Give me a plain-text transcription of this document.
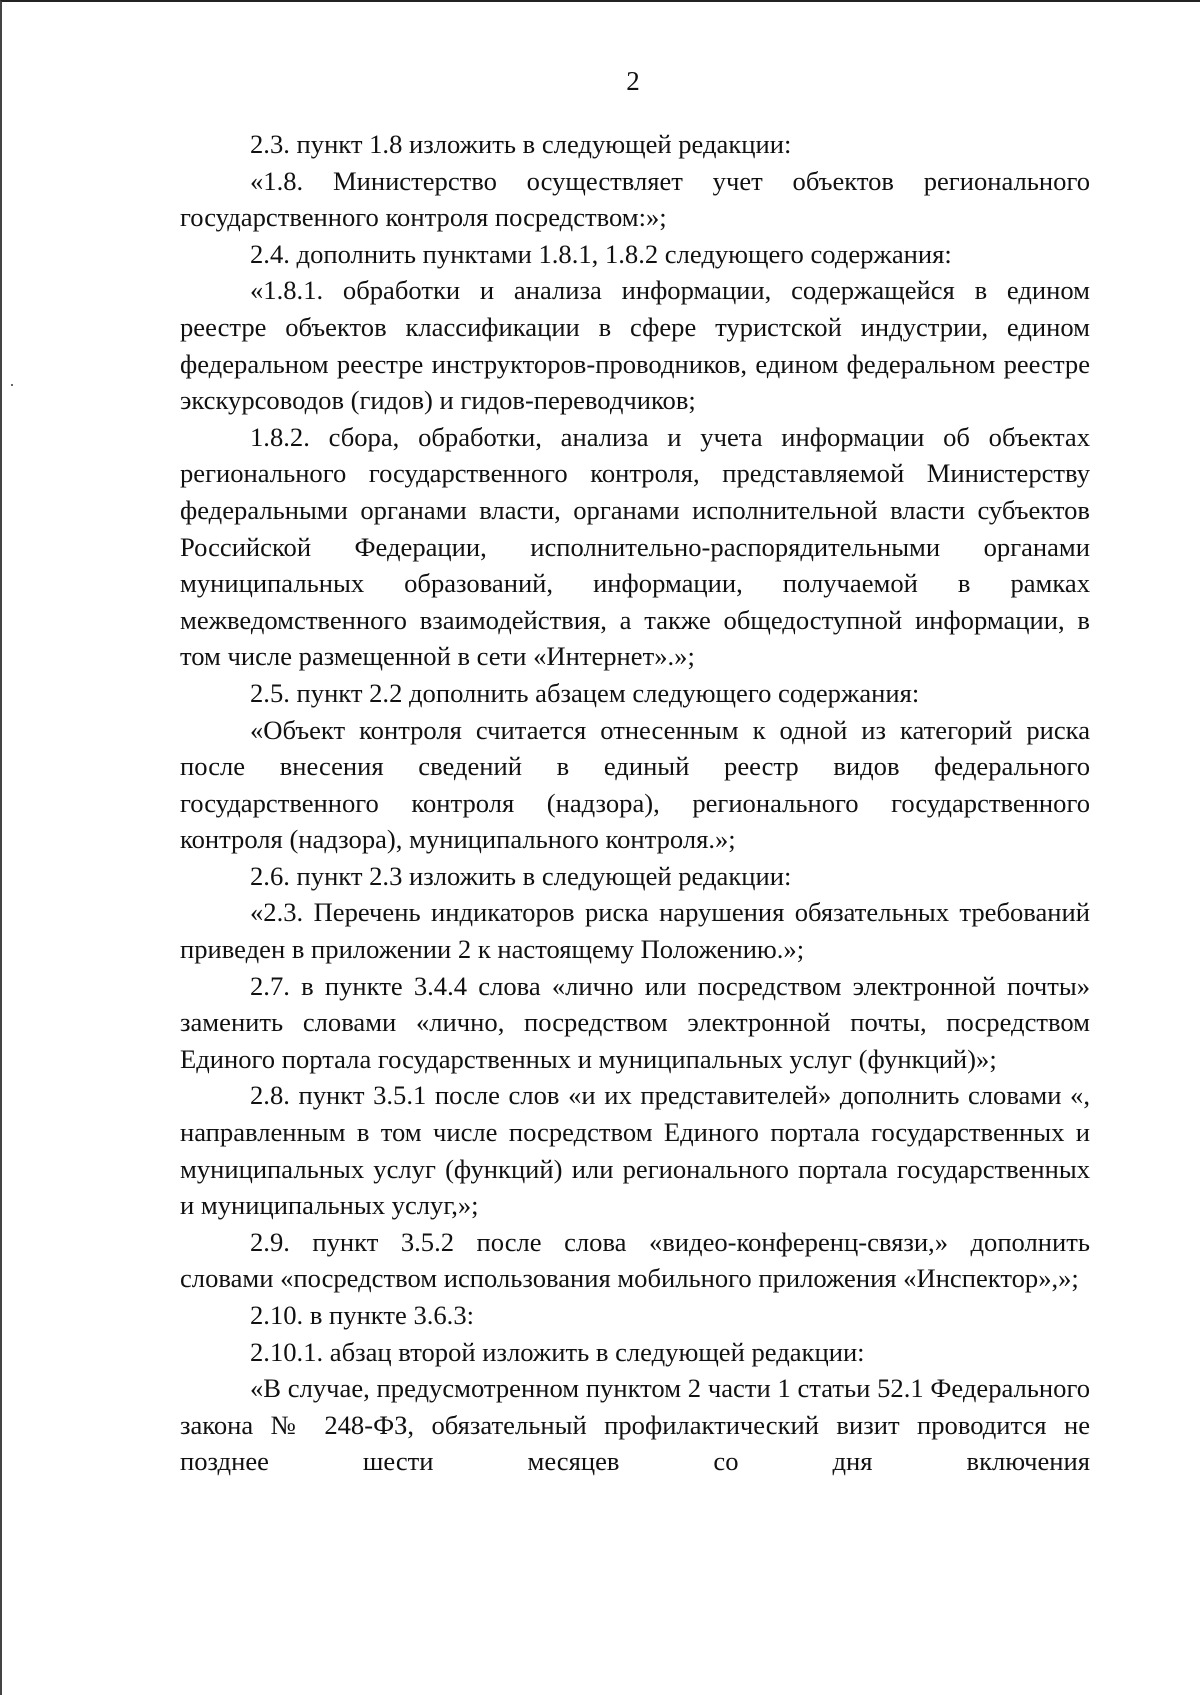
2

2.3. пункт 1.8 изложить в следующей редакции:

«1.8. Министерство осуществляет учет объектов регионального государственного контроля посредством:»;

2.4. дополнить пунктами 1.8.1, 1.8.2 следующего содержания:

«1.8.1. обработки и анализа информации, содержащейся в едином реестре объектов классификации в сфере туристской индустрии, едином федеральном реестре инструкторов-проводников, едином федеральном реестре экскурсоводов (гидов) и гидов-переводчиков;

1.8.2. сбора, обработки, анализа и учета информации об объектах регионального государственного контроля, представляемой Министерству федеральными органами власти, органами исполнительной власти субъектов Российской Федерации, исполнительно-распорядительными органами муниципальных образований, информации, получаемой в рамках межведомственного взаимодействия, а также общедоступной информации, в том числе размещенной в сети «Интернет».»;

2.5. пункт 2.2 дополнить абзацем следующего содержания:

«Объект контроля считается отнесенным к одной из категорий риска после внесения сведений в единый реестр видов федерального государственного контроля (надзора), регионального государственного контроля (надзора), муниципального контроля.»;

2.6. пункт 2.3 изложить в следующей редакции:

«2.3. Перечень индикаторов риска нарушения обязательных требований приведен в приложении 2 к настоящему Положению.»;

2.7. в пункте 3.4.4 слова «лично или посредством электронной почты» заменить словами «лично, посредством электронной почты, посредством Единого портала государственных и муниципальных услуг (функций)»;

2.8. пункт 3.5.1 после слов «и их представителей» дополнить словами «, направленным в том числе посредством Единого портала государственных и муниципальных услуг (функций) или регионального портала государственных и муниципальных услуг,»;

2.9. пункт 3.5.2 после слова «видео-конференц-связи,» дополнить словами «посредством использования мобильного приложения «Инспектор»,»;

2.10. в пункте 3.6.3:

2.10.1. абзац второй изложить в следующей редакции:

«В случае, предусмотренном пунктом 2 части 1 статьи 52.1 Федерального закона № 248-ФЗ, обязательный профилактический визит проводится не позднее шести месяцев со дня включения
